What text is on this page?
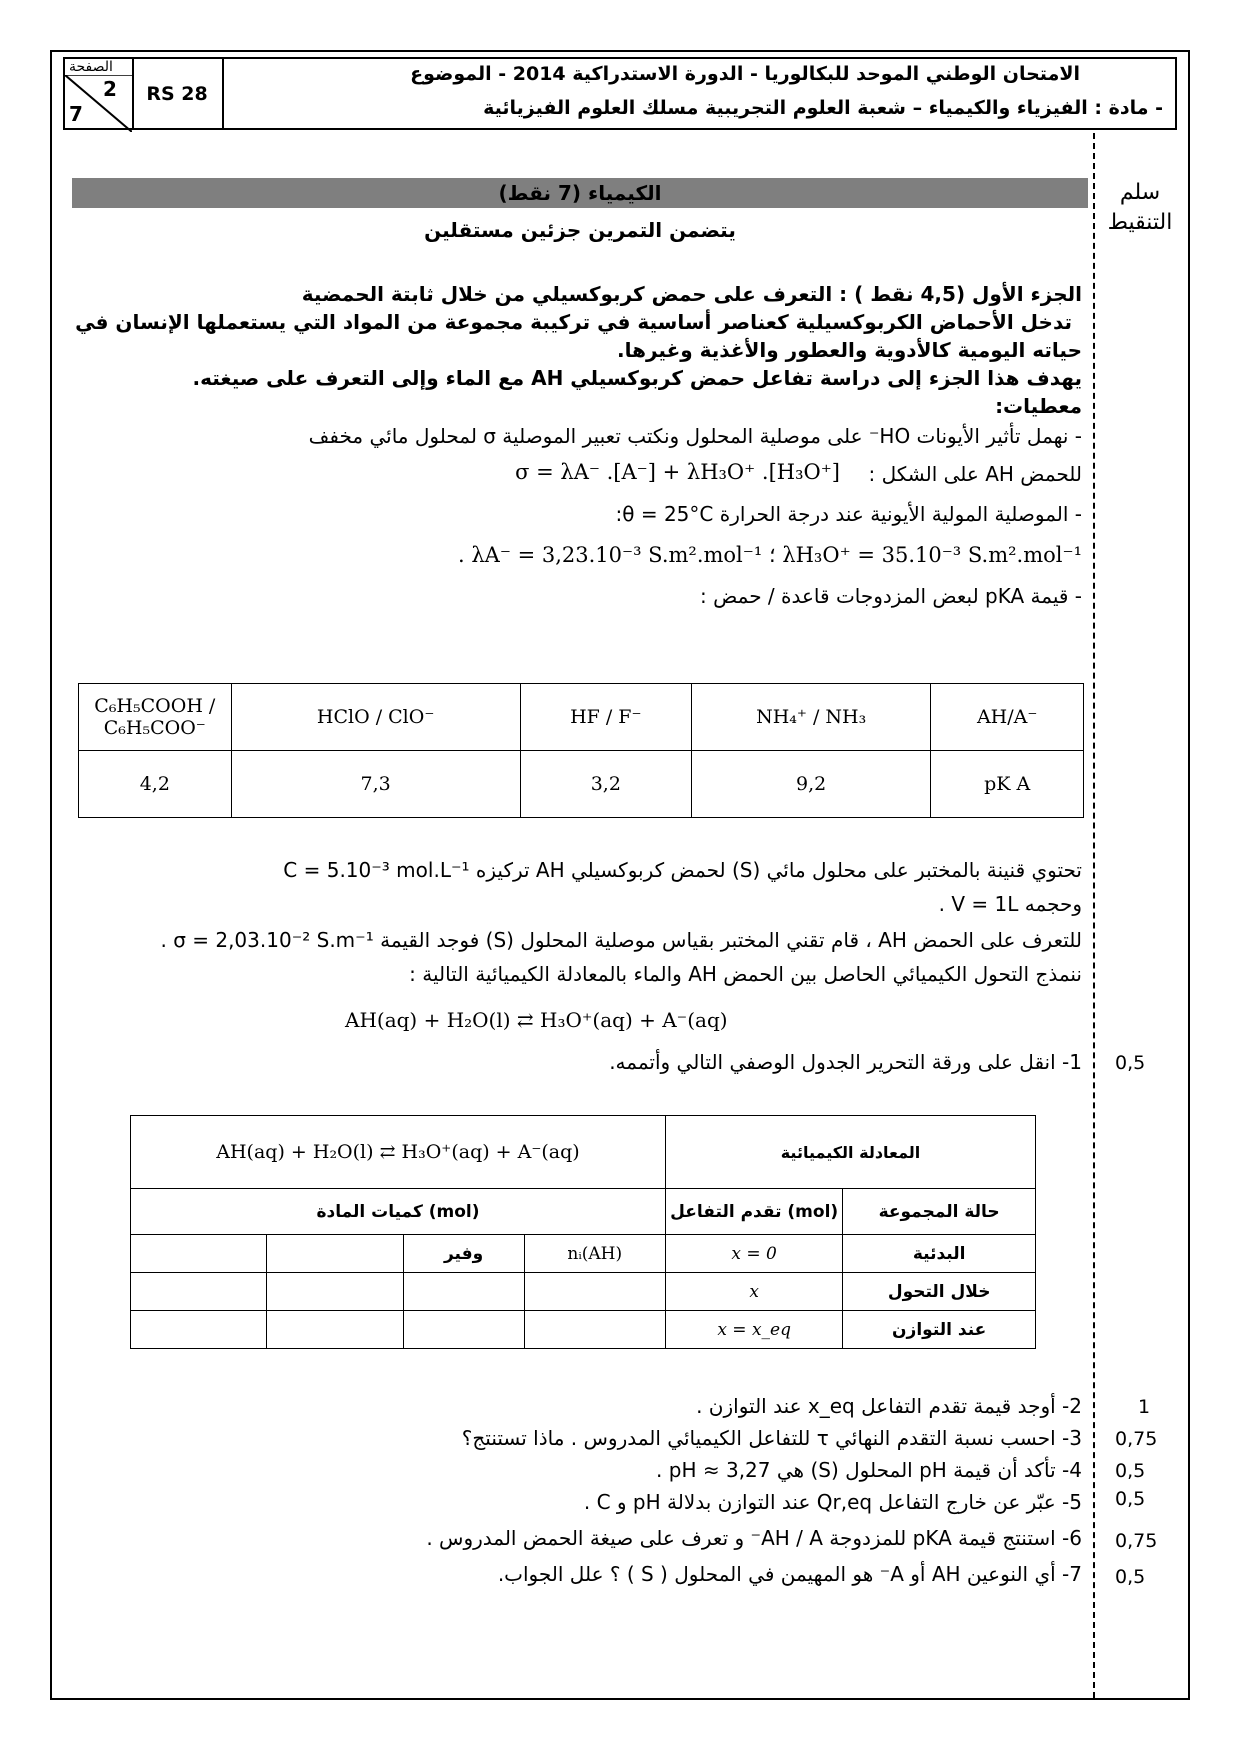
الصفحة
2
7
RS 28
الامتحان الوطني الموحد للبكالوريا - الدورة الاستدراكية 2014 - الموضوع
- مادة : الفيزياء والكيمياء – شعبة العلوم التجريبية مسلك العلوم الفيزيائية
سلم التنقيط
الكيمياء (7 نقط)
يتضمن التمرين جزئين مستقلين
الجزء الأول (4,5 نقط ) : التعرف على حمض كربوكسيلي من خلال ثابتة الحمضية
تدخل الأحماض الكربوكسيلية كعناصر أساسية في تركيبة مجموعة من المواد التي يستعملها الإنسان في
حياته اليومية كالأدوية والعطور والأغذية وغيرها.
يهدف هذا الجزء إلى دراسة تفاعل حمض كربوكسيلي AH مع الماء وإلى التعرف على صيغته.
معطيات:
- نهمل تأثير الأيونات HO⁻ على موصلية المحلول ونكتب تعبير الموصلية σ لمحلول مائي مخفف
للحمض AH على الشكل :
σ = λA⁻ .[A⁻] + λH₃O⁺ .[H₃O⁺]
- الموصلية المولية الأيونية عند درجة الحرارة θ = 25°C:
λH₃O⁺ = 35.10⁻³ S.m².mol⁻¹ ؛ λA⁻ = 3,23.10⁻³ S.m².mol⁻¹ .
- قيمة pKA لبعض المزدوجات قاعدة / حمض :
C₆H₅COOH / C₆H₅COO⁻	HClO / ClO⁻	HF / F⁻	NH₄⁺ / NH₃	AH/A⁻
4,2	7,3	3,2	9,2	pK A
تحتوي قنينة بالمختبر على محلول مائي (S) لحمض كربوكسيلي AH تركيزه C = 5.10⁻³ mol.L⁻¹
وحجمه V = 1L .
للتعرف على الحمض AH ، قام تقني المختبر بقياس موصلية المحلول (S) فوجد القيمة σ = 2,03.10⁻² S.m⁻¹ .
ننمذج التحول الكيميائي الحاصل بين الحمض AH والماء بالمعادلة الكيميائية التالية :
AH(aq) + H₂O(l) ⇄ H₃O⁺(aq) + A⁻(aq)
1- انقل على ورقة التحرير الجدول الوصفي التالي وأتممه. 0,5
AH(aq) + H₂O(l) ⇄ H₃O⁺(aq) + A⁻(aq)				المعادلة الكيميائية	
كميات المادة (mol)				تقدم التفاعل (mol)	حالة المجموعة
		وفير	nᵢ(AH)	x = 0	البدئية
				x	خلال التحول
				x = x_eq	عند التوازن
2- أوجد قيمة تقدم التفاعل x_eq عند التوازن .	1
3- احسب نسبة التقدم النهائي τ للتفاعل الكيميائي المدروس . ماذا تستنتج؟ 0,75
4- تأكد أن قيمة pH المحلول (S) هي pH ≈ 3,27 . 0,5
5- عبّر عن خارج التفاعل Qr,eq عند التوازن بدلالة pH و C . 0,5
6- استنتج قيمة pKA للمزدوجة AH / A⁻ و تعرف على صيغة الحمض المدروس . 0,75
7- أي النوعين AH أو A⁻ هو المهيمن في المحلول ( S ) ؟ علل الجواب. 0,5
